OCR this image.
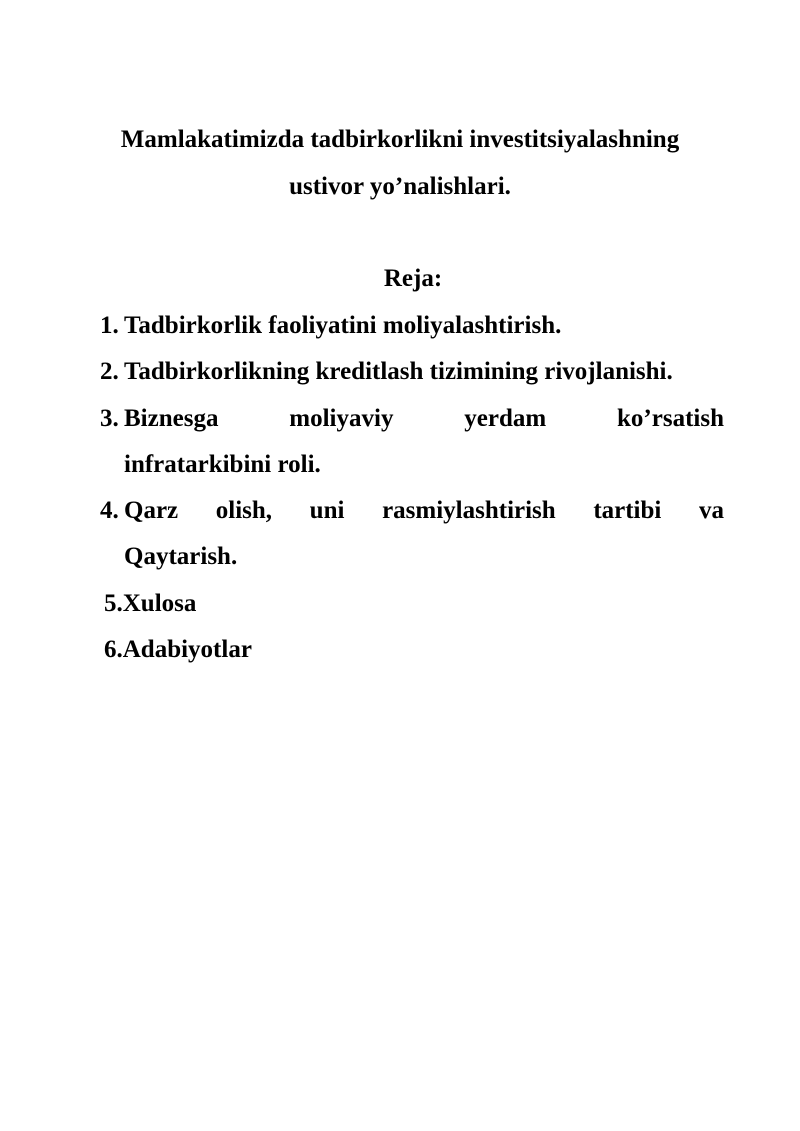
Mamlakatimizda tadbirkorlikni investitsiyalashning
ustivor yo’nalishlari.
Reja:
1. Tadbirkorlik faoliyatini moliyalashtirish.
2. Tadbirkorlikning kreditlash tizimining rivojlanishi.
3. Biznesga	moliyaviy	yerdam	ko’rsatish
infratarkibini roli.
4. Qarz olish, uni rasmiylashtirish tartibi va
Qaytarish.
5.Xulosa
6.Adabiyotlar
